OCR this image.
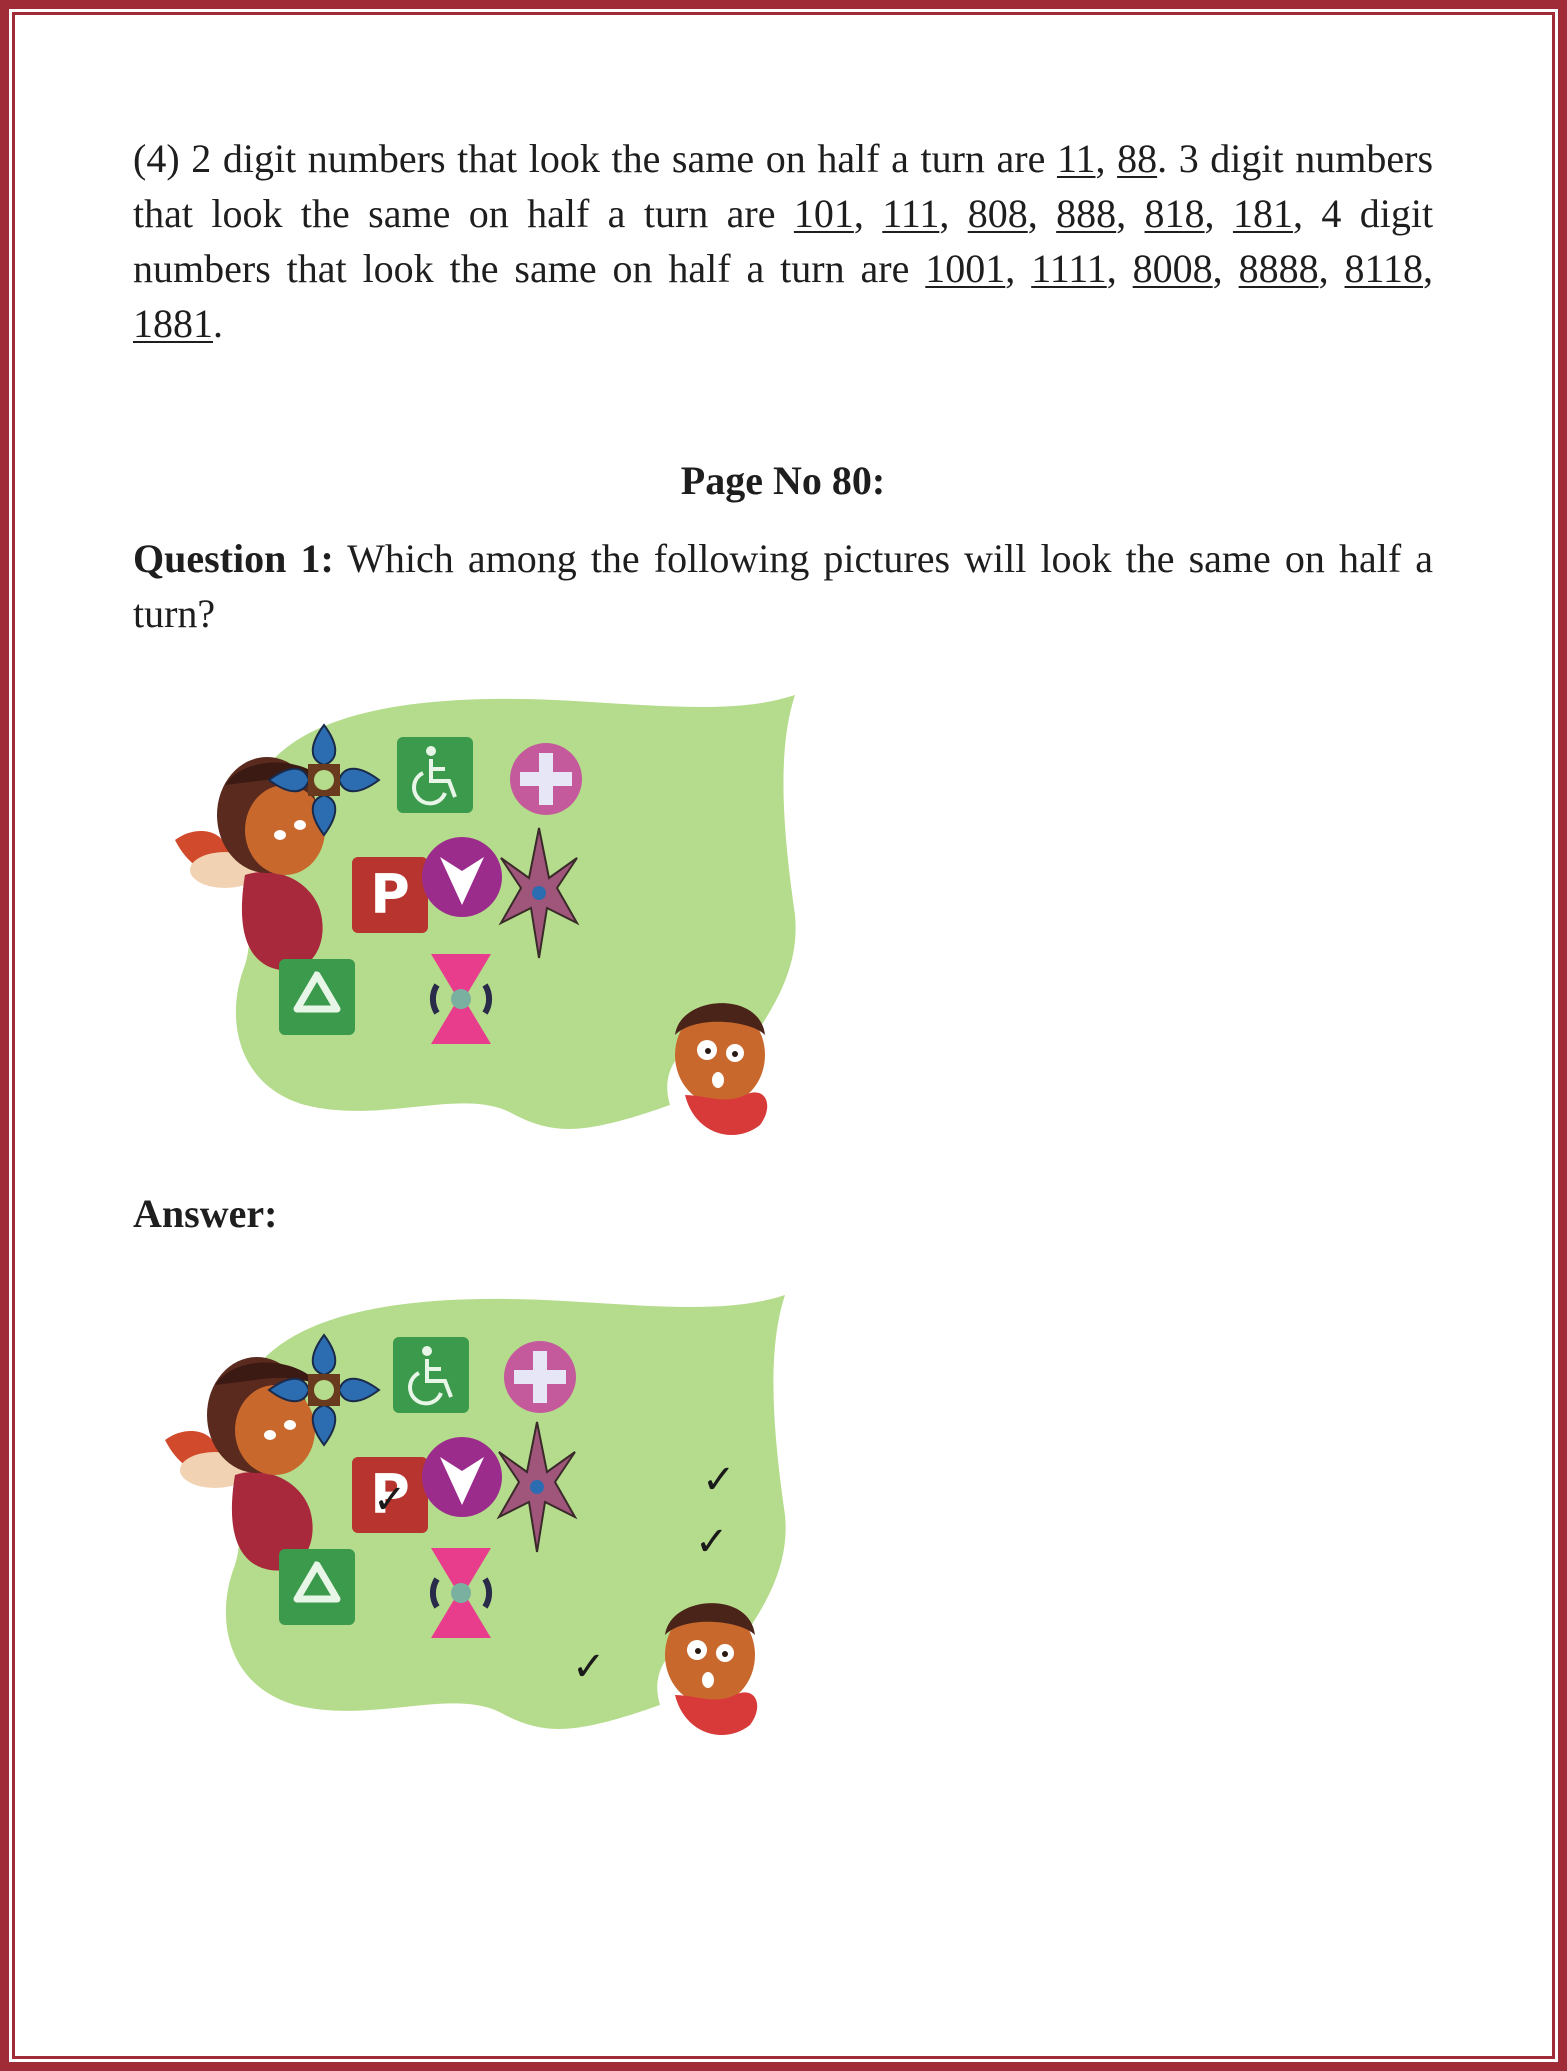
(4) 2 digit numbers that look the same on half a turn are 11, 88. 3 digit numbers that look the same on half a turn are 101, 111, 808, 888, 818, 181, 4 digit numbers that look the same on half a turn are 1001, 1111, 8008, 8888, 8118, 1881.

Page No 80:

Question 1: Which among the following pictures will look the same on half a turn?

P

Answer:

✓	✓
✓
✓
